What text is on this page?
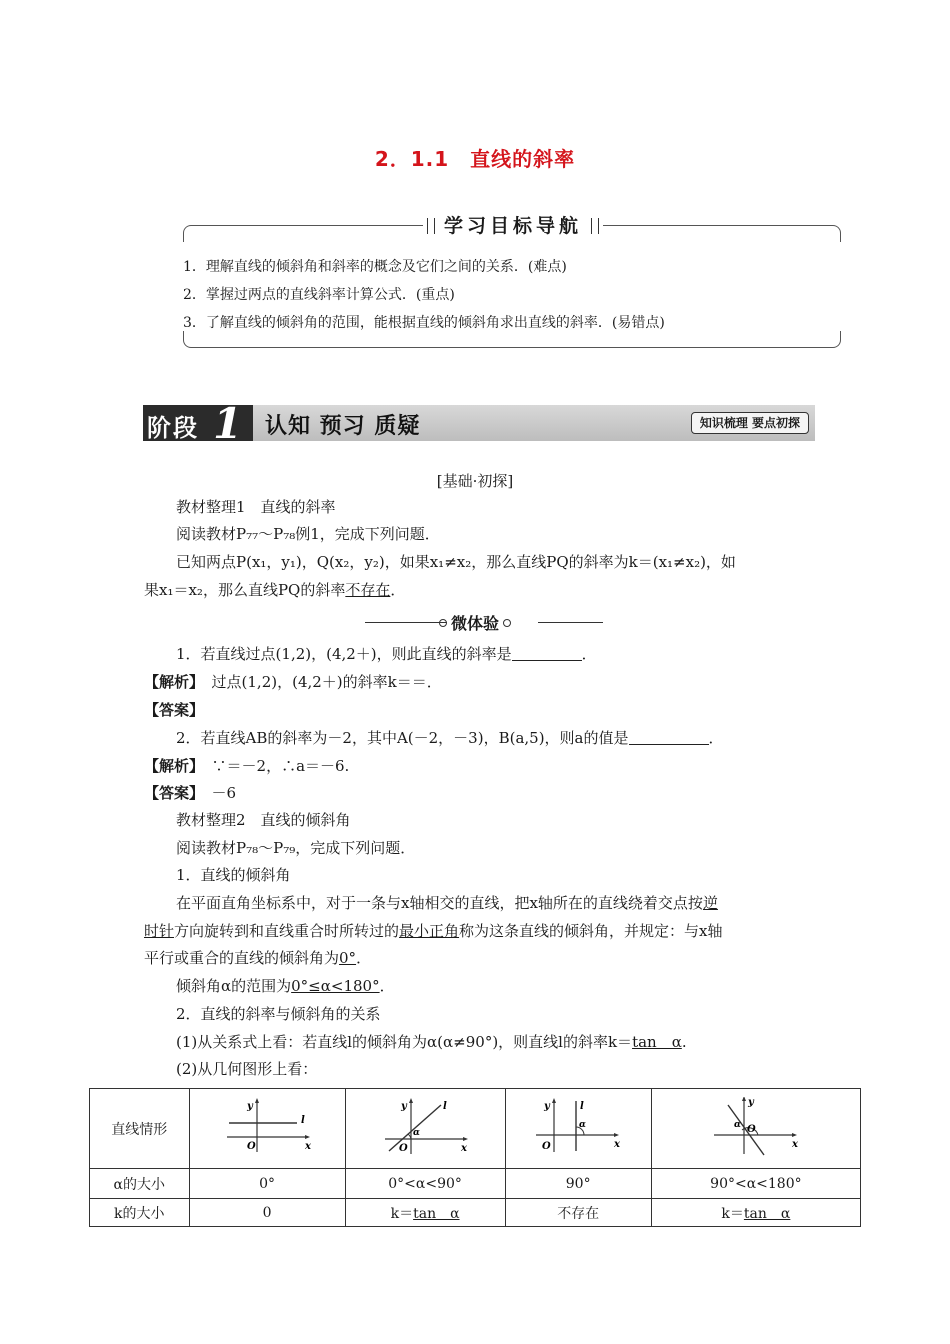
2．1.1　直线的斜率
学习目标导航
1．理解直线的倾斜角和斜率的概念及它们之间的关系．(难点)
2．掌握过两点的直线斜率计算公式．(重点)
3．了解直线的倾斜角的范围，能根据直线的倾斜角求出直线的斜率．(易错点)
阶段 1 认知 预习 质疑	知识梳理 要点初探
[基础·初探]
教材整理1　直线的斜率
阅读教材P₇₇～P₇₈例1，完成下列问题．
已知两点P(x₁，y₁)，Q(x₂，y₂)，如果x₁≠x₂，那么直线PQ的斜率为k＝(x₁≠x₂)，如
果x₁＝x₂，那么直线PQ的斜率不存在．
微体验
1．若直线过点(1,2)，(4,2＋)，则此直线的斜率是	．
【解析】　 过点(1,2)，(4,2＋)的斜率k＝＝．
【答案】
2．若直线AB的斜率为－2，其中A(－2，－3)，B(a,5)，则a的值是	．
【解析】　 ∵＝－2，∴a＝－6.
【答案】　 －6
教材整理2　直线的倾斜角
阅读教材P₇₈～P₇₉，完成下列问题．
1．直线的倾斜角
在平面直角坐标系中，对于一条与x轴相交的直线，把x轴所在的直线绕着交点按逆
时针方向旋转到和直线重合时所转过的最小正角称为这条直线的倾斜角，并规定：与x轴
平行或重合的直线的倾斜角为0°．
倾斜角α的范围为0°≤α<180°．
2．直线的斜率与倾斜角的关系
(1)从关系式上看：若直线l的倾斜角为α(α≠90°)，则直线l的斜率k＝tan　α.
(2)从几何图形上看：
直线情形	y
l
O x	y l
α
O x	y l
α
O x	y
α O
x

α的大小	0°	0°<α<90°	90°	90°<α<180°
k的大小	0	k＝tan　α	不存在	k＝tan　α
